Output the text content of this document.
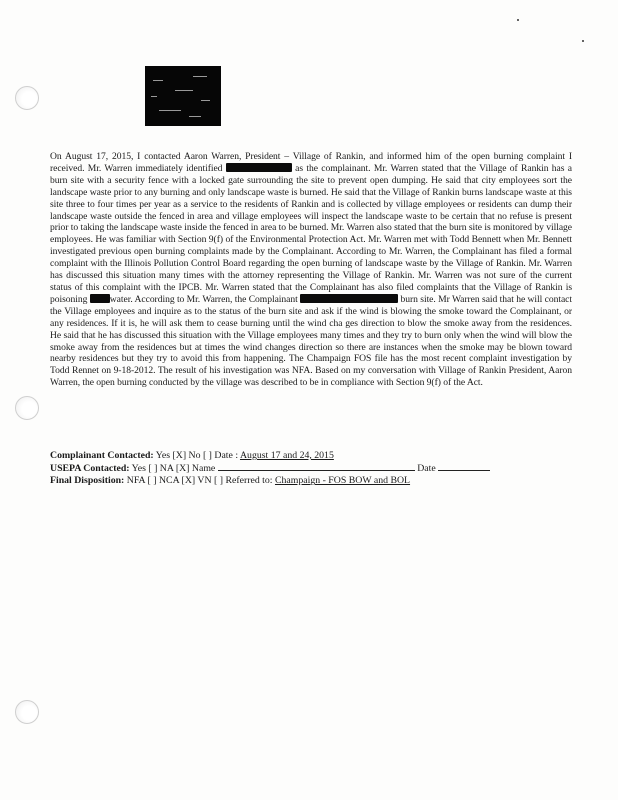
On August 17, 2015, I contacted Aaron Warren, President – Village of Rankin, and informed him of the open burning complaint I received. Mr. Warren immediately identified	as the complainant. Mr. Warren stated that the Village of Rankin has a burn site with a security fence with a locked gate surrounding the site to prevent open dumping. He said that city employees sort the landscape waste prior to any burning and only landscape waste is burned. He said that the Village of Rankin burns landscape waste at this site three to four times per year as a service to the residents of Rankin and is collected by village employees or residents can dump their landscape waste outside the fenced in area and village employees will inspect the landscape waste to be certain that no refuse is present prior to taking the landscape waste inside the fenced in area to be burned. Mr. Warren also stated that the burn site is monitored by village employees. He was familiar with Section 9(f) of the Environmental Protection Act. Mr. Warren met with Todd Bennett when Mr. Bennett investigated previous open burning complaints made by the Complainant. According to Mr. Warren, the Complainant has filed a formal complaint with the Illinois Pollution Control Board regarding the open burning of landscape waste by the Village of Rankin. Mr. Warren has discussed this situation many times with the attorney representing the Village of Rankin. Mr. Warren was not sure of the current status of this complaint with the IPCB. Mr. Warren stated that the Complainant has also filed complaints that the Village of Rankin is poisoning water. According to Mr. Warren, the Complainant	burn site. Mr Warren said that he will contact the Village employees and inquire as to the status of the burn site and ask if the wind is blowing the smoke toward the Complainant, or any residences. If it is, he will ask them to cease burning until the wind cha ges direction to blow the smoke away from the residences. He said that he has discussed this situation with the Village employees many times and they try to burn only when the wind will blow the smoke away from the residences but at times the wind changes direction so there are instances when the smoke may be blown toward nearby residences but they try to avoid this from happening. The Champaign FOS file has the most recent complaint investigation by Todd Rennet on 9-18-2012. The result of his investigation was NFA. Based on my conversation with Village of Rankin President, Aaron Warren, the open burning conducted by the village was described to be in compliance with Section 9(f) of the Act.
Complainant Contacted: Yes [X] No [ ] Date : August 17 and 24, 2015
USEPA Contacted: Yes [ ] NA [X] Name	Date
Final Disposition: NFA [ ] NCA [X] VN [ ] Referred to: Champaign - FOS BOW and BOL
